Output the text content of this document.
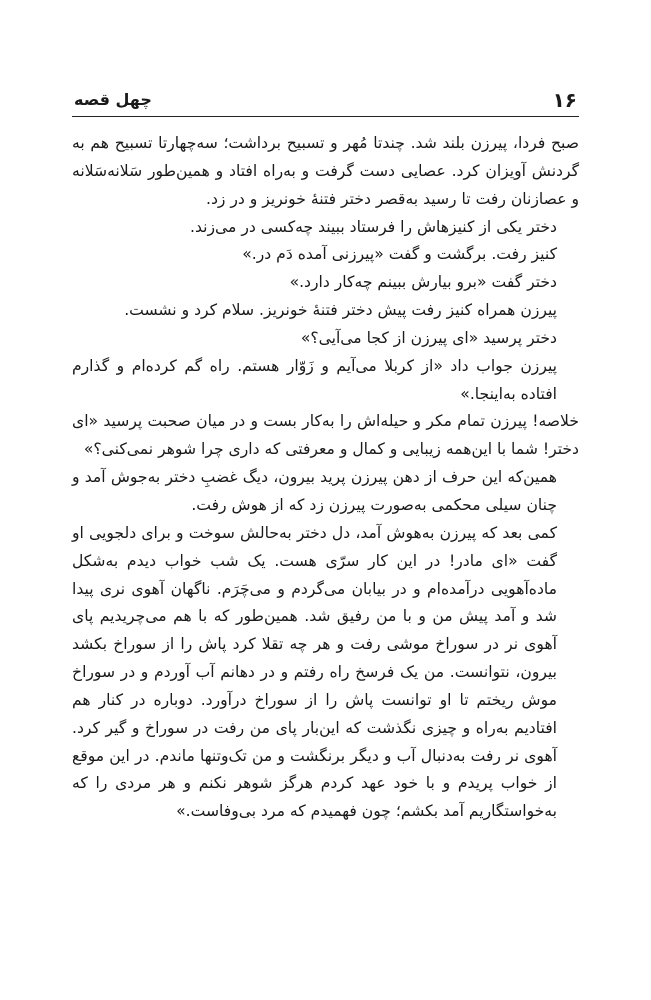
۱۶
چهل قصه

صبح فردا، پیرزن بلند شد. چندتا مُهر و تسبیح برداشت؛ سه‌چهارتا تسبیح هم به گردنش آویزان کرد. عصایی دست گرفت و به‌راه افتاد و همین‌طور سَلانه‌سَلانه و عصازنان رفت تا رسید به‌قصر دختر فتنهٔ خونریز و در زد.

دختر یکی از کنیزهاش را فرستاد ببیند چه‌کسی در می‌زند.

کنیز رفت. برگشت و گفت «پیرزنی آمده دَم در.»

دختر گفت «برو بیارش ببینم چه‌کار دارد.»

پیرزن همراه کنیز رفت پیش دختر فتنهٔ خونریز. سلام کرد و نشست.

دختر پرسید «ای پیرزن از کجا می‌آیی؟»

پیرزن جواب داد «از کربلا می‌آیم و زَوّار هستم. راه گم کرده‌ام و گذارم افتاده به‌اینجا.»

خلاصه! پیرزن تمام مکر و حیله‌اش را به‌کار بست و در میان صحبت پرسید «ای دختر! شما با این‌همه زیبایی و کمال و معرفتی که داری چرا شوهر نمی‌کنی؟»

همین‌که این حرف از دهن پیرزن پرید بیرون، دیگ غضبِ دختر به‌جوش آمد و چنان سیلی محکمی به‌صورت پیرزن زد که از هوش رفت.

کمی بعد که پیرزن به‌هوش آمد، دل دختر به‌حالش سوخت و برای دلجویی او گفت «ای مادر! در این کار سرّی هست. یک شب خواب دیدم به‌شکل ماده‌آهویی درآمده‌ام و در بیابان می‌گردم و می‌چَرَم. ناگهان آهوی نری پیدا شد و آمد پیش من و با من رفیق شد. همین‌طور که با هم می‌چریدیم پای آهوی نر در سوراخ موشی رفت و هر چه تقلا کرد پاش را از سوراخ بکشد بیرون، نتوانست. من یک فرسخ راه رفتم و در دهانم آب آوردم و در سوراخ موش ریختم تا او توانست پاش را از سوراخ درآورد. دوباره در کنار هم افتادیم به‌راه و چیزی نگذشت که این‌بار پای من رفت در سوراخ و گیر کرد. آهوی نر رفت به‌دنبال آب و دیگر برنگشت و من تک‌وتنها ماندم. در این موقع از خواب پریدم و با خود عهد کردم هرگز شوهر نکنم و هر مردی را که به‌خواستگاریم آمد بکشم؛ چون فهمیدم که مرد بی‌وفاست.»
